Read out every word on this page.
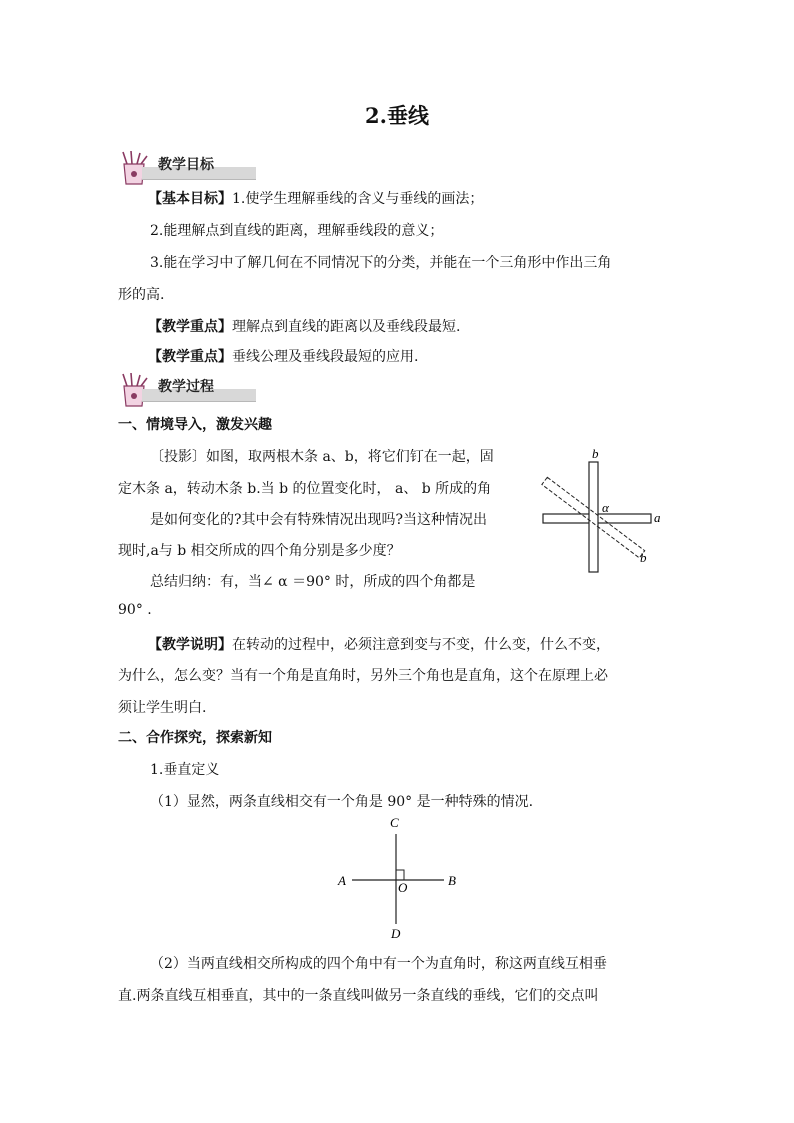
2.垂线
教学目标
【基本目标】1.使学生理解垂线的含义与垂线的画法；
2.能理解点到直线的距离，理解垂线段的意义；
3.能在学习中了解几何在不同情况下的分类，并能在一个三角形中作出三角
形的高.
【教学重点】理解点到直线的距离以及垂线段最短.
【教学重点】垂线公理及垂线段最短的应用.
教学过程
一、情境导入，激发兴趣
〔投影〕如图，取两根木条 a、b，将它们钉在一起，固
定木条 a，转动木条 b.当 b 的位置变化时， a、 b 所成的角
是如何变化的?其中会有特殊情况出现吗?当这种情况出
现时,a与 b 相交所成的四个角分别是多少度？
总结归纳：有，当∠ α ＝90° 时，所成的四个角都是
90° .
【教学说明】在转动的过程中，必须注意到变与不变，什么变，什么不变，
为什么，怎么变？当有一个角是直角时，另外三个角也是直角，这个在原理上必
须让学生明白.
b
α
a
b
二、合作探究，探索新知
1.垂直定义
（1）显然，两条直线相交有一个角是 90° 是一种特殊的情况.
C
A	O	B
D
（2）当两直线相交所构成的四个角中有一个为直角时，称这两直线互相垂
直.两条直线互相垂直，其中的一条直线叫做另一条直线的垂线，它们的交点叫
